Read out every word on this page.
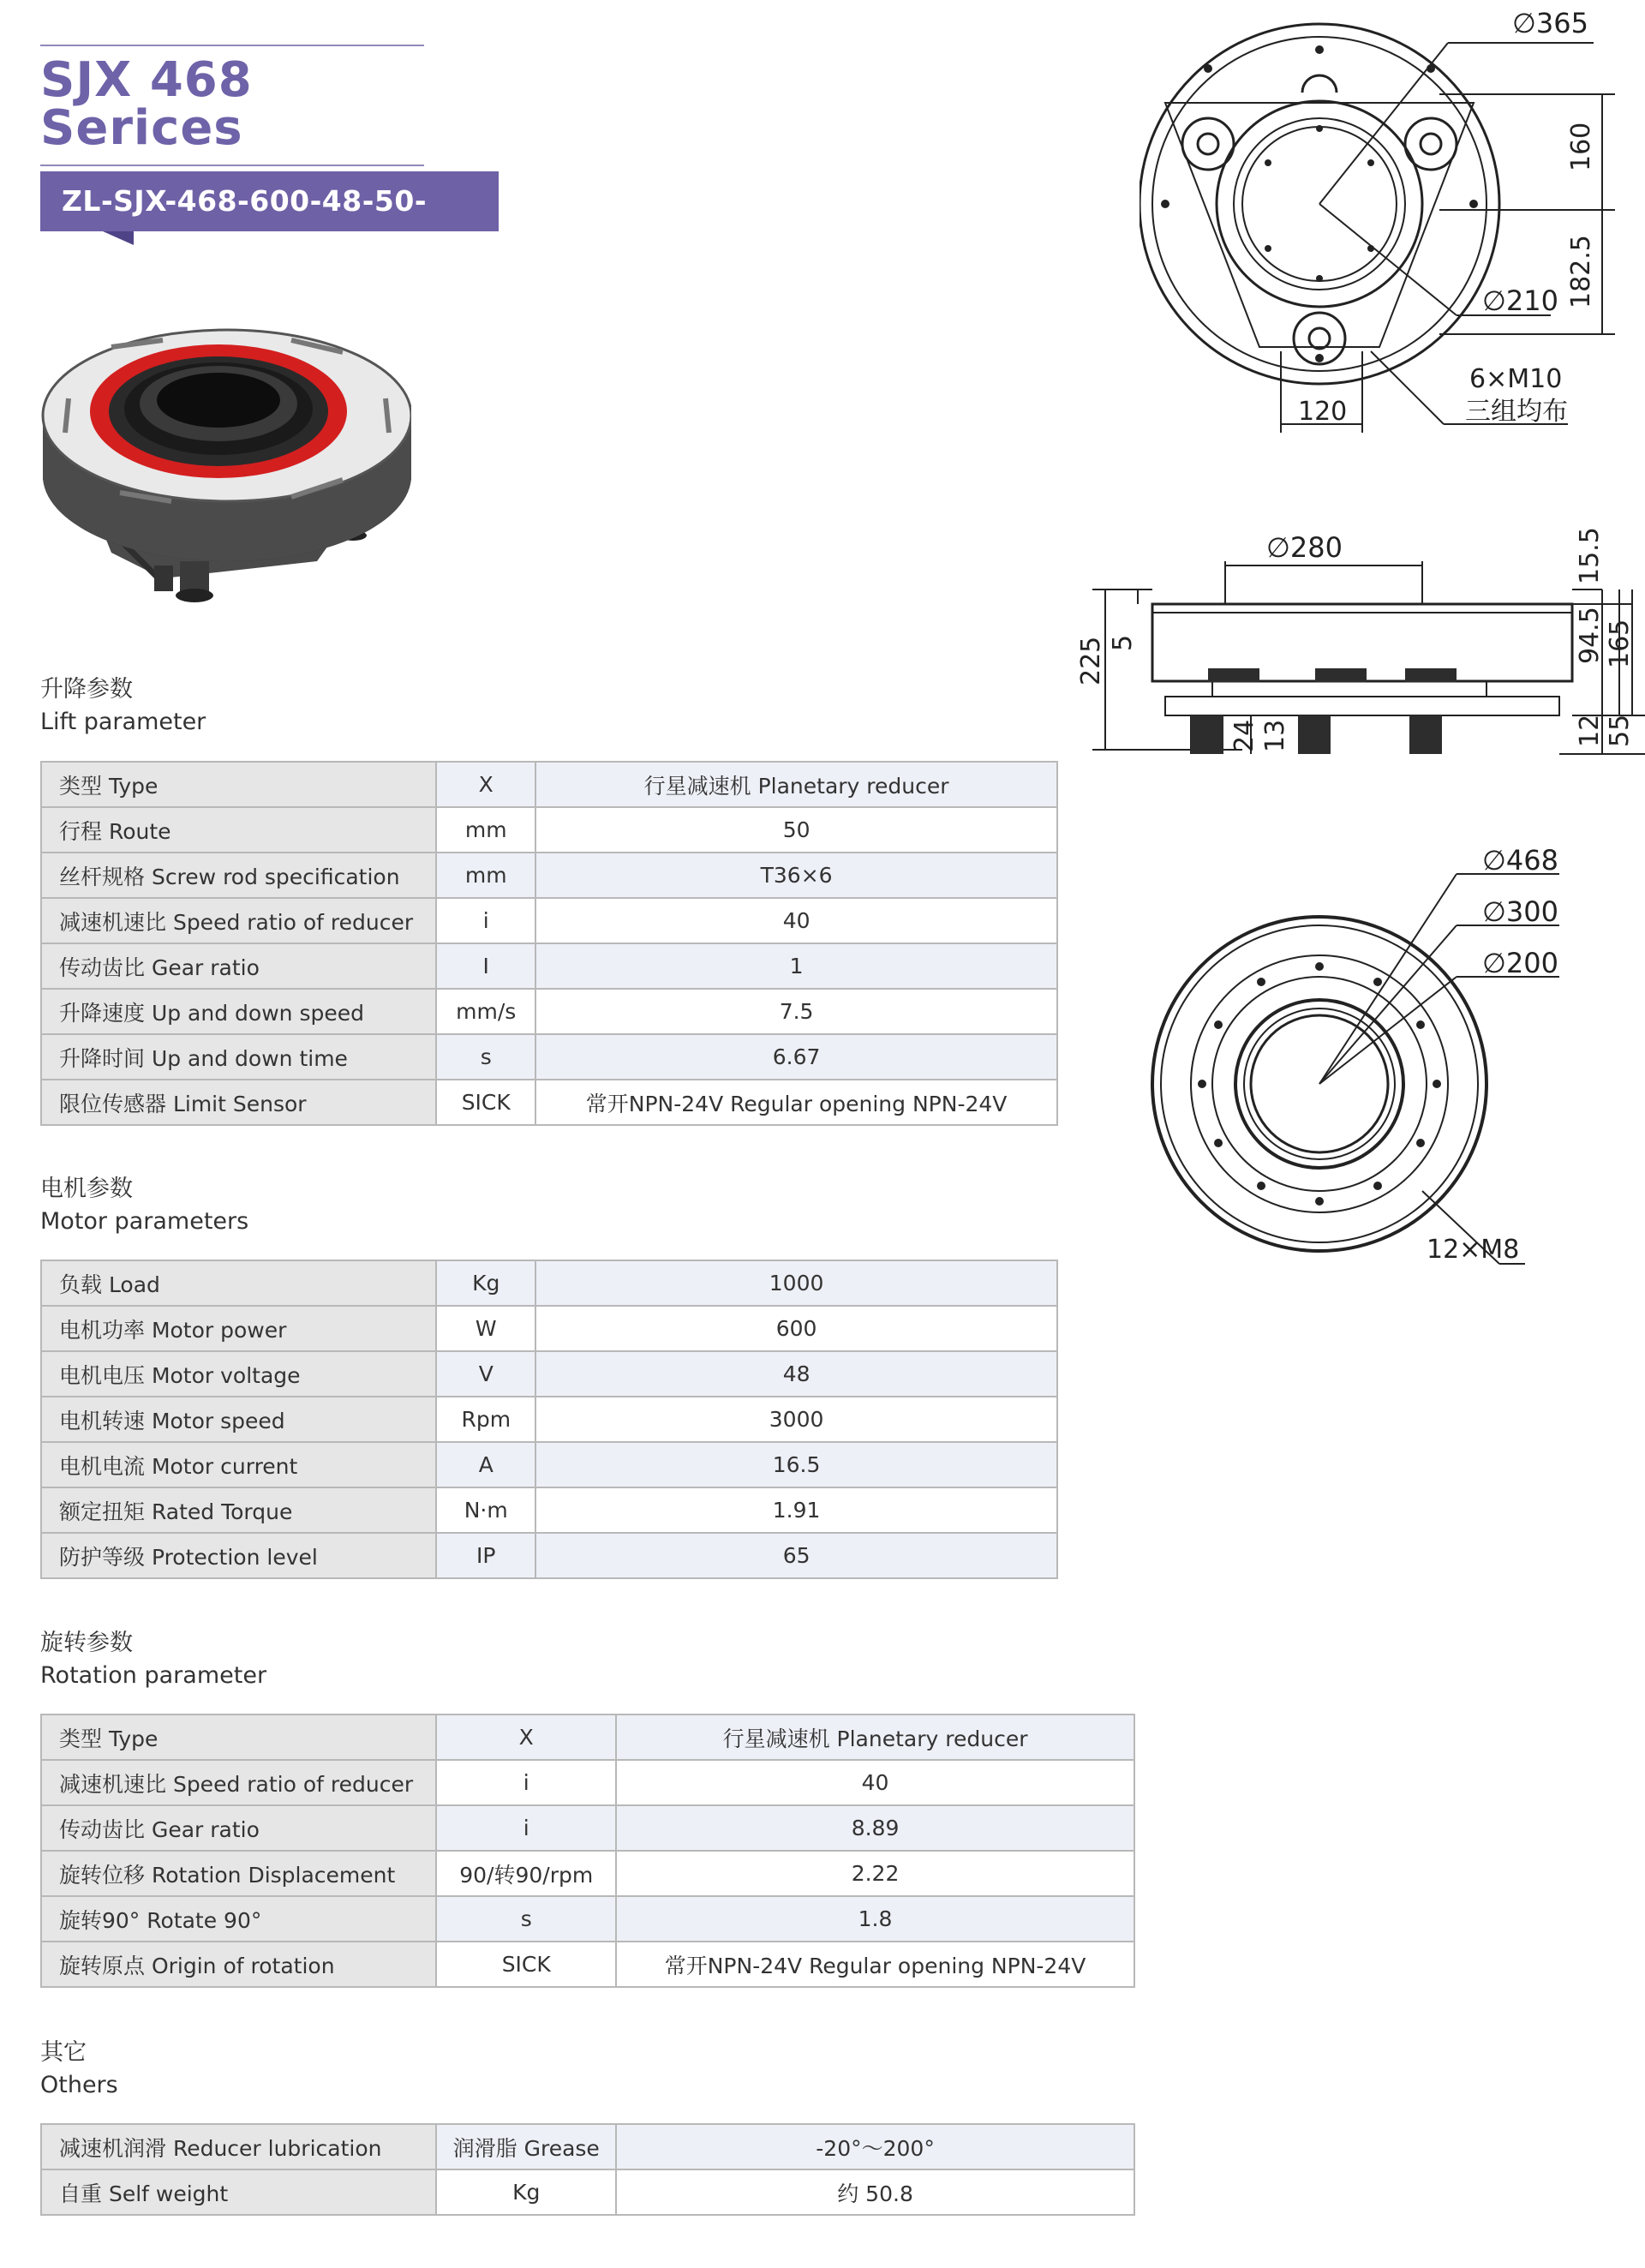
SJX 468 Serices
ZL-SJX-468-600-48-50-1000
∅365
∅210
160
182.5
120
6×M10
三组均布
∅280	15.5
225 5	94.5 165
24 13	12 55
∅468
∅300
∅200
12×M8
升降参数
Lift parameter
类型 Type	X	行星减速机 Planetary reducer
行程 Route	mm	50
丝杆规格 Screw rod specification	mm	T36×6
减速机速比 Speed ratio of reducer	i	40
传动齿比 Gear ratio	I	1
升降速度 Up and down speed	mm/s	7.5
升降时间 Up and down time	s	6.67
限位传感器 Limit Sensor	SICK	常开NPN-24V Regular opening NPN-24V
电机参数
Motor parameters
负载 Load	Kg	1000
电机功率 Motor power	W	600
电机电压 Motor voltage	V	48
电机转速 Motor speed	Rpm	3000
电机电流 Motor current	A	16.5
额定扭矩 Rated Torque	N·m	1.91
防护等级 Protection level	IP	65
旋转参数
Rotation parameter
类型 Type	X	行星减速机 Planetary reducer
减速机速比 Speed ratio of reducer	i	40
传动齿比 Gear ratio	i	8.89
旋转位移 Rotation Displacement	90/转90/rpm	2.22
旋转90° Rotate 90°	s	1.8
旋转原点 Origin of rotation	SICK	常开NPN-24V Regular opening NPN-24V
其它
Others
减速机润滑 Reducer lubrication	润滑脂 Grease	-20°～200°
自重 Self weight	Kg	约 50.8
